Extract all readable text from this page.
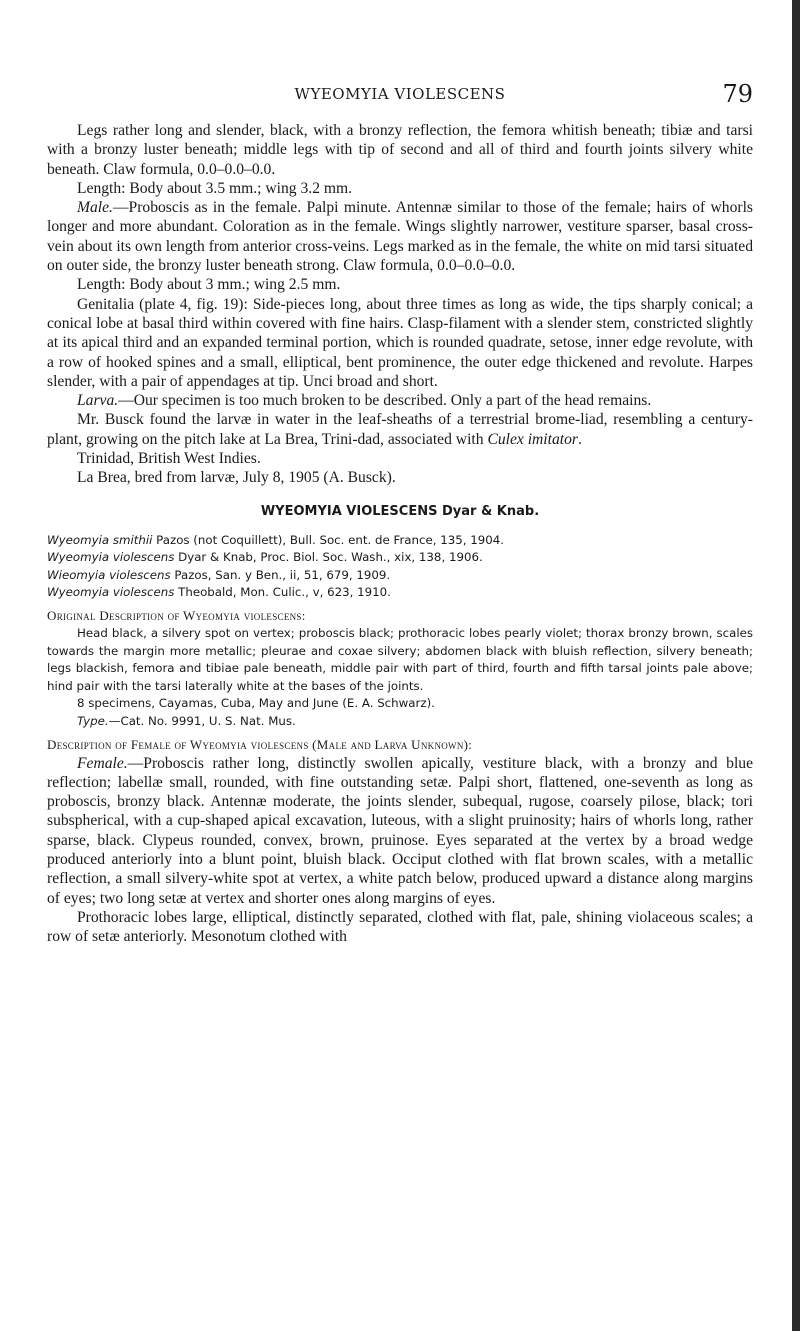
WYEOMYIA VIOLESCENS	79

Legs rather long and slender, black, with a bronzy reflection, the femora whitish beneath; tibiæ and tarsi with a bronzy luster beneath; middle legs with tip of second and all of third and fourth joints silvery white beneath. Claw formula, 0.0–0.0–0.0.

Length: Body about 3.5 mm.; wing 3.2 mm.

Male.—Proboscis as in the female. Palpi minute. Antennæ similar to those of the female; hairs of whorls longer and more abundant. Coloration as in the female. Wings slightly narrower, vestiture sparser, basal cross-vein about its own length from anterior cross-veins. Legs marked as in the female, the white on mid tarsi situated on outer side, the bronzy luster beneath strong. Claw formula, 0.0–0.0–0.0.

Length: Body about 3 mm.; wing 2.5 mm.

Genitalia (plate 4, fig. 19): Side-pieces long, about three times as long as wide, the tips sharply conical; a conical lobe at basal third within covered with fine hairs. Clasp-filament with a slender stem, constricted slightly at its apical third and an expanded terminal portion, which is rounded quadrate, setose, inner edge revolute, with a row of hooked spines and a small, elliptical, bent prominence, the outer edge thickened and revolute. Harpes slender, with a pair of appendages at tip. Unci broad and short.

Larva.—Our specimen is too much broken to be described. Only a part of the head remains.

Mr. Busck found the larvæ in water in the leaf-sheaths of a terrestrial brome-liad, resembling a century-plant, growing on the pitch lake at La Brea, Trini-dad, associated with Culex imitator.

Trinidad, British West Indies.

La Brea, bred from larvæ, July 8, 1905 (A. Busck).

WYEOMYIA VIOLESCENS Dyar & Knab.

Wyeomyia smithii Pazos (not Coquillett), Bull. Soc. ent. de France, 135, 1904.

Wyeomyia violescens Dyar & Knab, Proc. Biol. Soc. Wash., xix, 138, 1906.

Wieomyia violescens Pazos, San. y Ben., ii, 51, 679, 1909.

Wyeomyia violescens Theobald, Mon. Culic., v, 623, 1910.

Original Description of Wyeomyia violescens:

Head black, a silvery spot on vertex; proboscis black; prothoracic lobes pearly violet; thorax bronzy brown, scales towards the margin more metallic; pleurae and coxae silvery; abdomen black with bluish reflection, silvery beneath; legs blackish, femora and tibiae pale beneath, middle pair with part of third, fourth and fifth tarsal joints pale above; hind pair with the tarsi laterally white at the bases of the joints.

8 specimens, Cayamas, Cuba, May and June (E. A. Schwarz).

Type.—Cat. No. 9991, U. S. Nat. Mus.

Description of Female of Wyeomyia violescens (Male and Larva Unknown):

Female.—Proboscis rather long, distinctly swollen apically, vestiture black, with a bronzy and blue reflection; labellæ small, rounded, with fine outstanding setæ. Palpi short, flattened, one-seventh as long as proboscis, bronzy black. Antennæ moderate, the joints slender, subequal, rugose, coarsely pilose, black; tori subspherical, with a cup-shaped apical excavation, luteous, with a slight pruinosity; hairs of whorls long, rather sparse, black. Clypeus rounded, convex, brown, pruinose. Eyes separated at the vertex by a broad wedge produced anteriorly into a blunt point, bluish black. Occiput clothed with flat brown scales, with a metallic reflection, a small silvery-white spot at vertex, a white patch below, produced upward a distance along margins of eyes; two long setæ at vertex and shorter ones along margins of eyes.

Prothoracic lobes large, elliptical, distinctly separated, clothed with flat, pale, shining violaceous scales; a row of setæ anteriorly. Mesonotum clothed with
